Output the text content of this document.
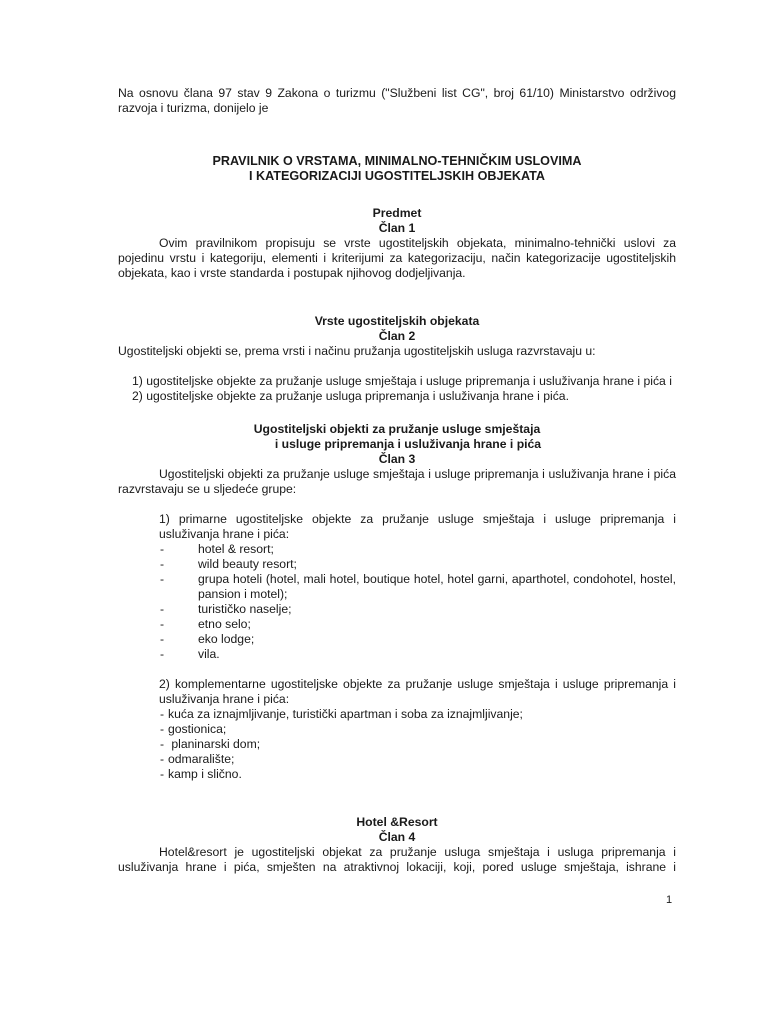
Na osnovu člana 97 stav 9 Zakona o turizmu ("Službeni list CG", broj 61/10) Ministarstvo održivog razvoja i turizma, donijelo je

PRAVILNIK O VRSTAMA, MINIMALNO-TEHNIČKIM USLOVIMA

I KATEGORIZACIJI UGOSTITELJSKIH OBJEKATA

Predmet

Član 1

Ovim pravilnikom propisuju se vrste ugostiteljskih objekata, minimalno-tehnički uslovi za pojedinu vrstu i kategoriju, elementi i kriterijumi za kategorizaciju, način kategorizacije ugostiteljskih objekata, kao i vrste standarda i postupak njihovog dodjeljivanja.

Vrste ugostiteljskih objekata

Član 2

Ugostiteljski objekti se, prema vrsti i načinu pružanja ugostiteljskih usluga razvrstavaju u:

1) ugostiteljske objekte za pružanje usluge smještaja i usluge pripremanja i usluživanja hrane i pića i

2) ugostiteljske objekte za pružanje usluga pripremanja i usluživanja hrane i pića.

Ugostiteljski objekti za pružanje usluge smještaja

i usluge pripremanja i usluživanja hrane i pića

Član 3

Ugostiteljski objekti za pružanje usluge smještaja i usluge pripremanja i usluživanja hrane i pića razvrstavaju se u sljedeće grupe:

1) primarne ugostiteljske objekte za pružanje usluge smještaja i usluge pripremanja i usluživanja hrane i pića:

-	hotel & resort;
-	wild beauty resort;
-	grupa hoteli (hotel, mali hotel, boutique hotel, hotel garni, aparthotel, condohotel, hostel, pansion i motel);
-	turističko naselje;
-	etno selo;
-	eko lodge;
-	vila.

2) komplementarne ugostiteljske objekte za pružanje usluge smještaja i usluge pripremanja i usluživanja hrane i pića:

- kuća za iznajmljivanje, turistički apartman i soba za iznajmljivanje;
- gostionica;
- planinarski dom;
- odmaralište;
- kamp i slično.

Hotel &Resort

Član 4

Hotel&resort je ugostiteljski objekat za pružanje usluga smještaja i usluga pripremanja i usluživanja hrane i pića, smješten na atraktivnoj lokaciji, koji, pored usluge smještaja, ishrane i

1
